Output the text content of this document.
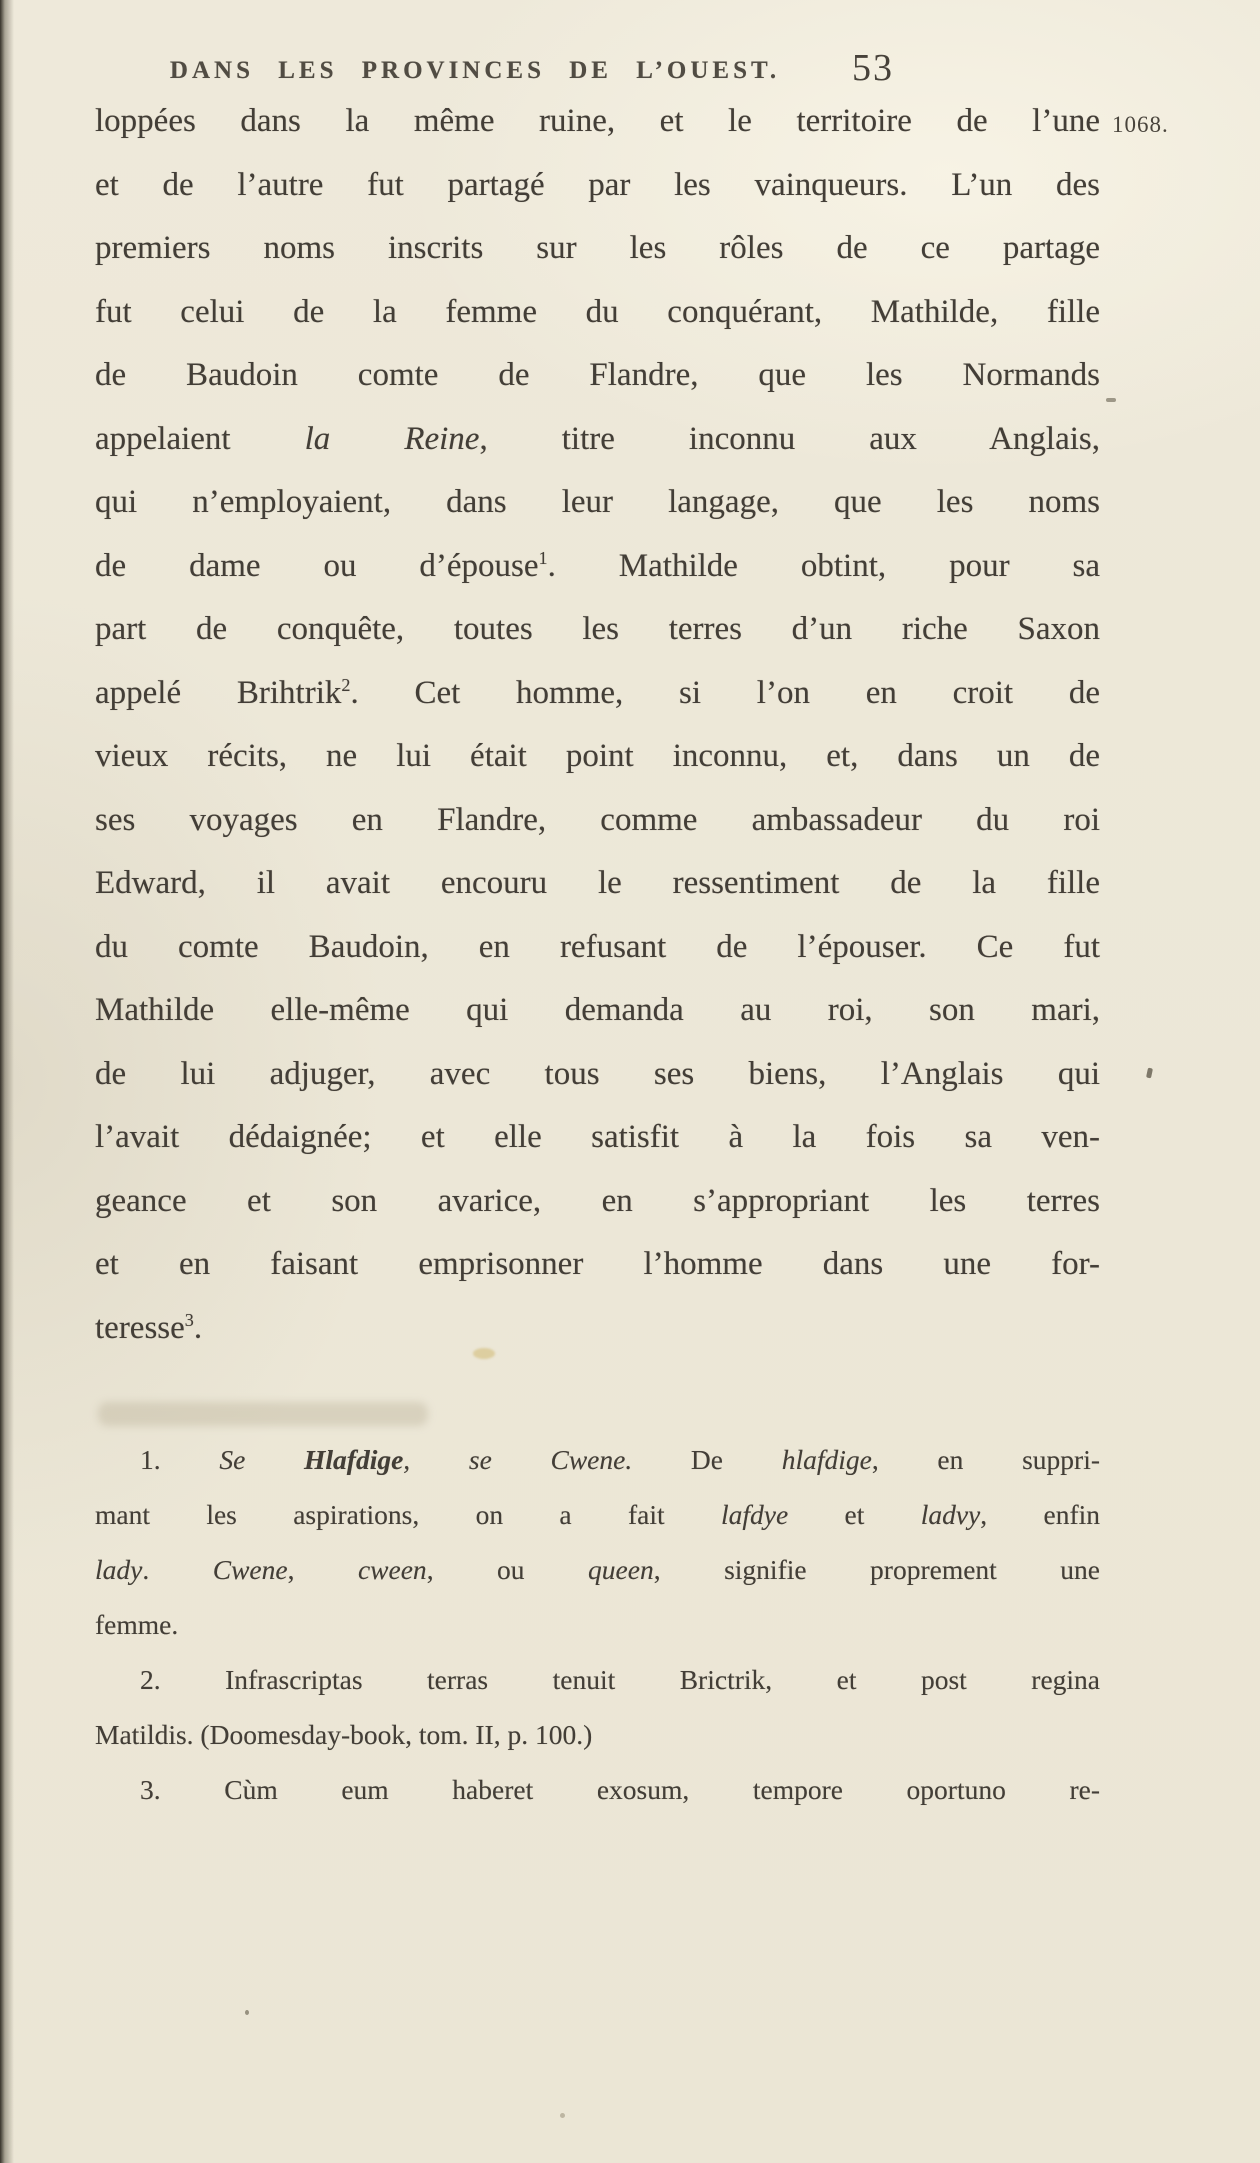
DANS LES PROVINCES DE L’OUEST.	53
1068.
loppées dans la même ruine, et le territoire de l’une
et de l’autre fut partagé par les vainqueurs. L’un des
premiers noms inscrits sur les rôles de ce partage
fut celui de la femme du conquérant, Mathilde, fille
de Baudoin comte de Flandre, que les Normands
appelaient la Reine, titre inconnu aux Anglais,
qui n’employaient, dans leur langage, que les noms
de dame ou d’épouse$^1$. Mathilde obtint, pour sa
part de conquête, toutes les terres d’un riche Saxon
appelé Brihtrik$^2$. Cet homme, si l’on en croit de
vieux récits, ne lui était point inconnu, et, dans un de
ses voyages en Flandre, comme ambassadeur du roi
Edward, il avait encouru le ressentiment de la fille
du comte Baudoin, en refusant de l’épouser. Ce fut
Mathilde elle-même qui demanda au roi, son mari,
de lui adjuger, avec tous ses biens, l’Anglais qui
l’avait dédaignée; et elle satisfit à la fois sa ven-
geance et son avarice, en s’appropriant les terres
et en faisant emprisonner l’homme dans une for-
teresse$^3$.
1. Se Hlafdige, se Cwene. De hlafdige, en suppri-
mant les aspirations, on a fait lafdye et ladvy, enfin
lady. Cwene, cween, ou queen, signifie proprement une
femme.
2. Infrascriptas terras tenuit Brictrik, et post regina
Matildis. (Doomesday-book, tom. II, p. 100.)
3. Cùm eum haberet exosum, tempore oportuno re-
